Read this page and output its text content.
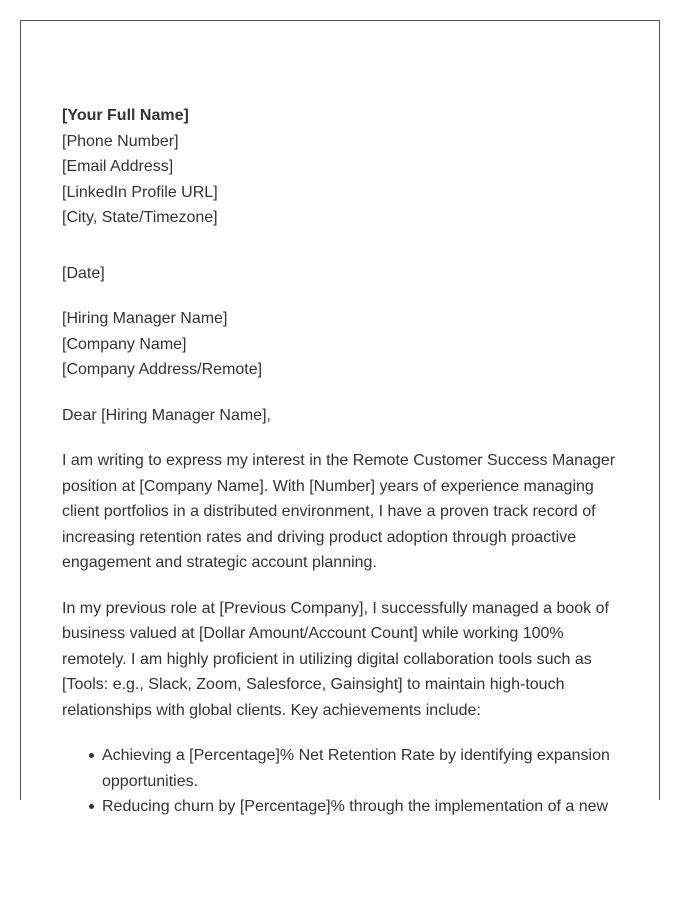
[Your Full Name]
[Phone Number]
[Email Address]
[LinkedIn Profile URL]
[City, State/Timezone]
[Date]
[Hiring Manager Name]
[Company Name]
[Company Address/Remote]
Dear [Hiring Manager Name],

I am writing to express my interest in the Remote Customer Success Manager position at [Company Name]. With [Number] years of experience managing client portfolios in a distributed environment, I have a proven track record of increasing retention rates and driving product adoption through proactive engagement and strategic account planning.

In my previous role at [Previous Company], I successfully managed a book of business valued at [Dollar Amount/Account Count] while working 100% remotely. I am highly proficient in utilizing digital collaboration tools such as [Tools: e.g., Slack, Zoom, Salesforce, Gainsight] to maintain high-touch relationships with global clients. Key achievements include:

Achieving a [Percentage]% Net Retention Rate by identifying expansion opportunities.
Reducing churn by [Percentage]% through the implementation of a new
